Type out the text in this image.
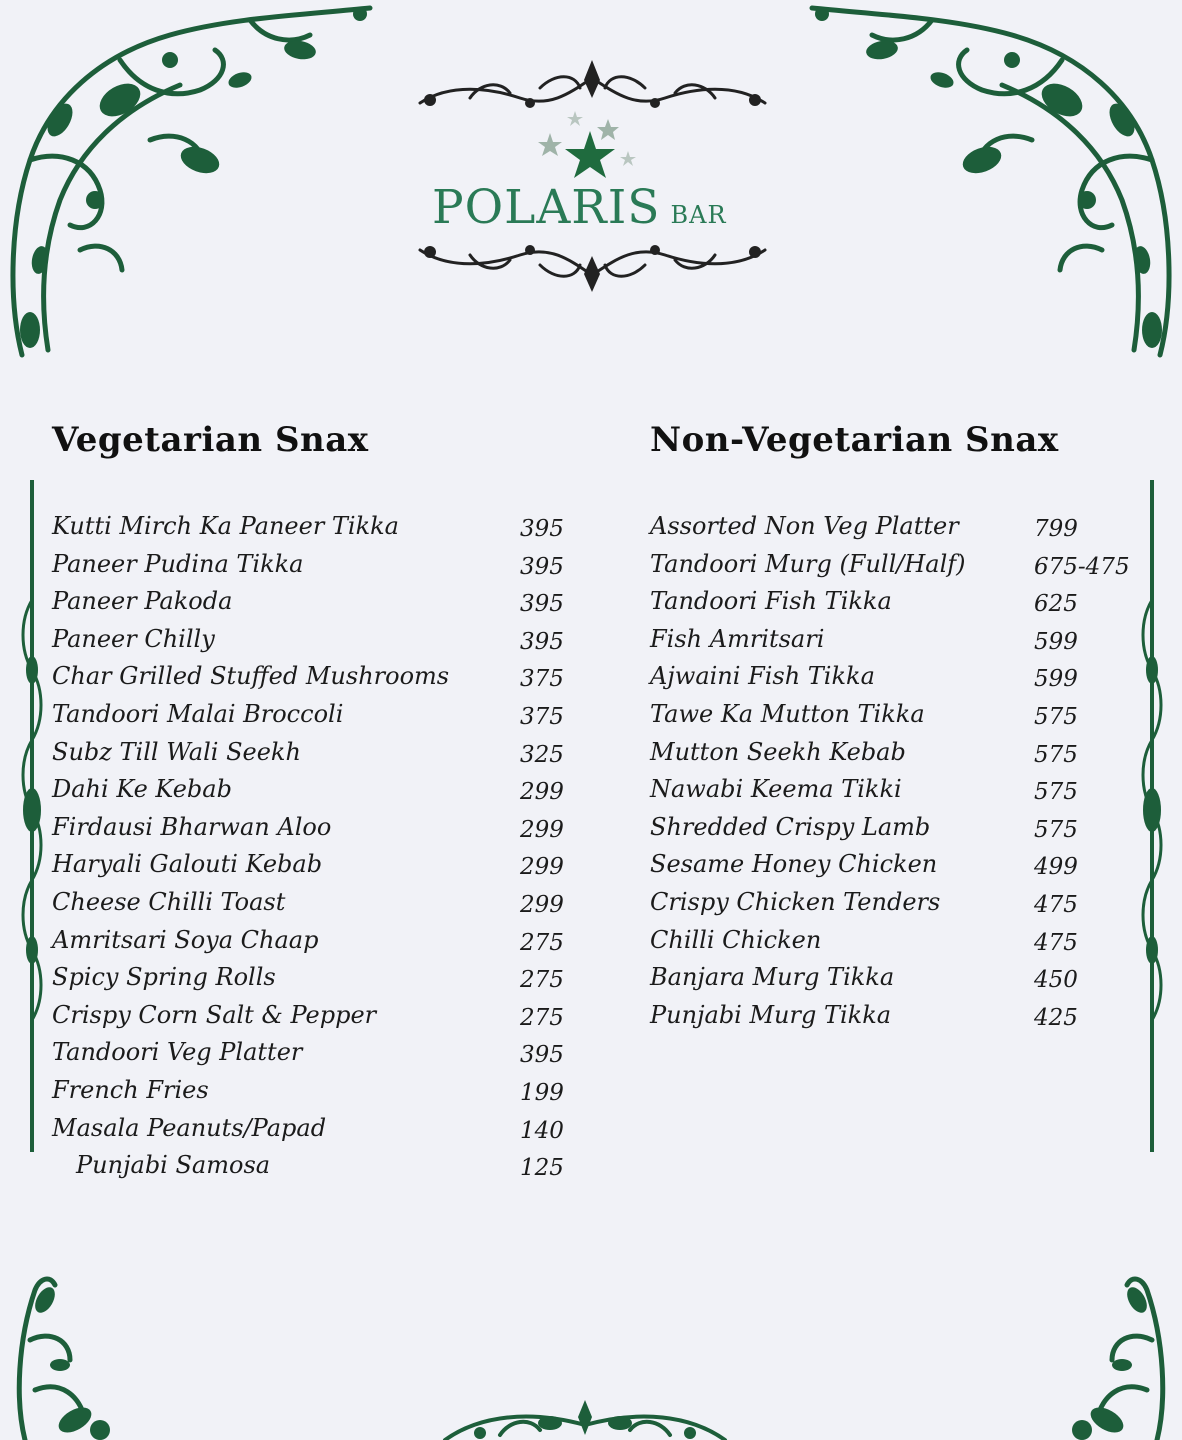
POLARIS BAR
Vegetarian Snax	Non-Vegetarian Snax
Kutti Mirch Ka Paneer Tikka	395
Paneer Pudina Tikka	395
Paneer Pakoda	395
Paneer Chilly	395
Char Grilled Stuffed Mushrooms	375
Tandoori Malai Broccoli	375
Subz Till Wali Seekh	325
Dahi Ke Kebab	299
Firdausi Bharwan Aloo	299
Haryali Galouti Kebab	299
Cheese Chilli Toast	299
Amritsari Soya Chaap	275
Spicy Spring Rolls	275
Crispy Corn Salt & Pepper	275
Tandoori Veg Platter	395
French Fries	199
Masala Peanuts/Papad	140
Punjabi Samosa	125
Assorted Non Veg Platter	799
Tandoori Murg (Full/Half)	675-475
Tandoori Fish Tikka	625
Fish Amritsari	599
Ajwaini Fish Tikka	599
Tawe Ka Mutton Tikka	575
Mutton Seekh Kebab	575
Nawabi Keema Tikki	575
Shredded Crispy Lamb	575
Sesame Honey Chicken	499
Crispy Chicken Tenders	475
Chilli Chicken	475
Banjara Murg Tikka	450
Punjabi Murg Tikka	425
